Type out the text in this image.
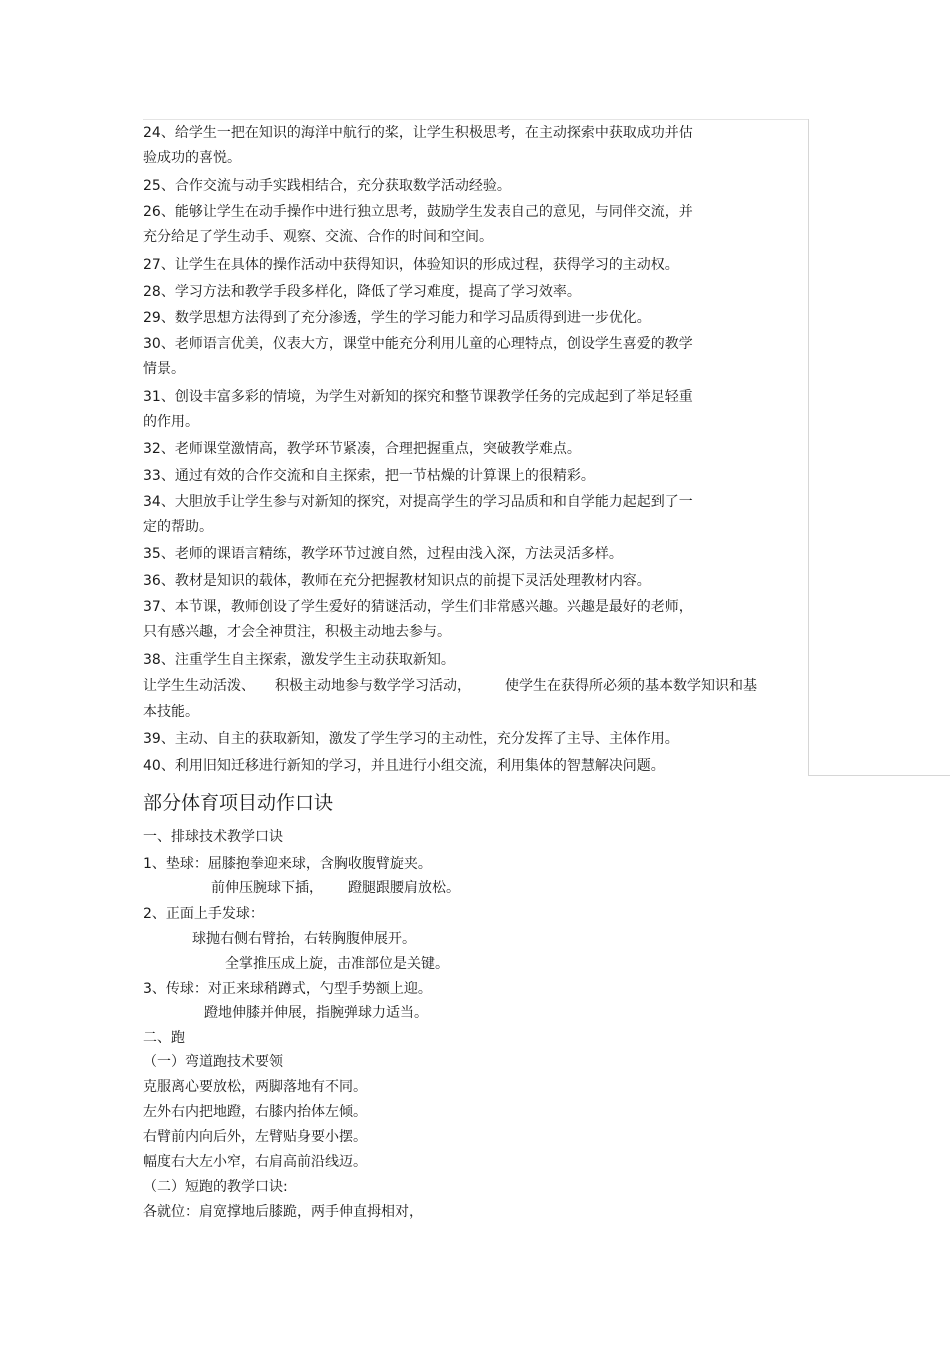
24、给学生一把在知识的海洋中航行的桨，让学生积极思考，在主动探索中获取成功并估
验成功的喜悦。
25、合作交流与动手实践相结合，充分获取数学活动经验。
26、能够让学生在动手操作中进行独立思考，鼓励学生发表自己的意见，与同伴交流，并
充分给足了学生动手、观察、交流、合作的时间和空间。
27、让学生在具体的操作活动中获得知识，体验知识的形成过程，获得学习的主动权。
28、学习方法和教学手段多样化，降低了学习难度，提高了学习效率。
29、数学思想方法得到了充分渗透，学生的学习能力和学习品质得到进一步优化。
30、老师语言优美，仪表大方，课堂中能充分利用儿童的心理特点，创设学生喜爱的教学
情景。
31、创设丰富多彩的情境，为学生对新知的探究和整节课教学任务的完成起到了举足轻重
的作用。
32、老师课堂激情高，教学环节紧凑，合理把握重点，突破教学难点。
33、通过有效的合作交流和自主探索，把一节枯燥的计算课上的很精彩。
34、大胆放手让学生参与对新知的探究，对提高学生的学习品质和和自学能力起起到了一
定的帮助。
35、老师的课语言精练，教学环节过渡自然，过程由浅入深，方法灵活多样。
36、教材是知识的载体，教师在充分把握教材知识点的前提下灵活处理教材内容。
37、本节课，教师创设了学生爱好的猜谜活动，学生们非常感兴趣。兴趣是最好的老师，
只有感兴趣，才会全神贯注，积极主动地去参与。
38、注重学生自主探索，激发学生主动获取新知。
让学生生动活泼、 积极主动地参与数学学习活动， 使学生在获得所必须的基本数学知识和基
本技能。
39、主动、自主的获取新知，激发了学生学习的主动性，充分发挥了主导、主体作用。
40、利用旧知迁移进行新知的学习，并且进行小组交流，利用集体的智慧解决问题。
部分体育项目动作口诀
一、排球技术教学口诀
1、垫球：屈膝抱拳迎来球，含胸收腹臂旋夹。
前伸压腕球下插， 蹬腿跟腰肩放松。
2、正面上手发球：
球抛右侧右臂抬，右转胸腹伸展开。
全掌推压成上旋，击准部位是关键。
3、传球：对正来球稍蹲式，勺型手势额上迎。
蹬地伸膝并伸展，指腕弹球力适当。
二、跑
（一）弯道跑技术要领
克服离心要放松，两脚落地有不同。
左外右内把地蹬，右膝内抬体左倾。
右臂前内向后外，左臂贴身要小摆。
幅度右大左小窄，右肩高前沿线迈。
（二）短跑的教学口诀:
各就位：肩宽撑地后膝跪，两手伸直拇相对，
